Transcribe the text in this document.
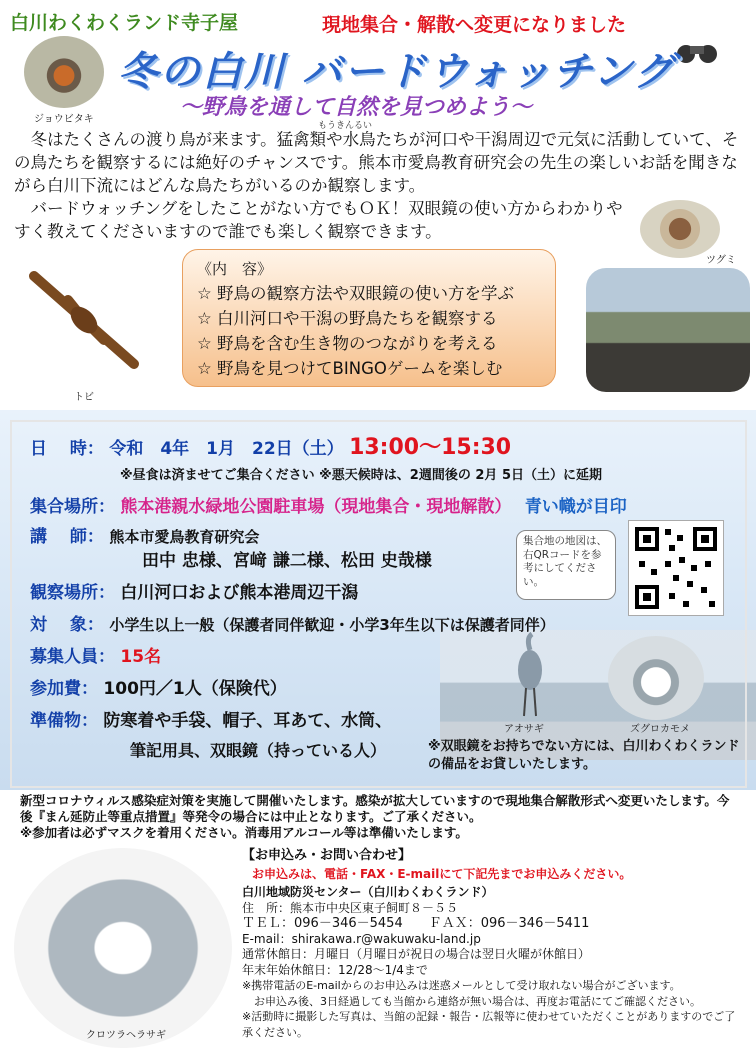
白川わくわくランド寺子屋	現地集合・解散へ変更になりました
ジョウビタキ
冬の白川 バードウォッチング
～野鳥を通して自然を見つめよう～
もうきんるい

冬はたくさんの渡り鳥が来ます。猛禽類や水鳥たちが河口や干潟周辺で元気に活動していて、その鳥たちを観察するには絶好のチャンスです。熊本市愛鳥教育研究会の先生の楽しいお話を聞きながら白川下流にはどんな鳥たちがいるのか観察します。

バードウォッチングをしたことがない方でもＯＫ！双眼鏡の使い方からわかりやすく教えてくださいますので誰でも楽しく観察できます。

ツグミ
トビ
《内　容》
☆ 野鳥の観察方法や双眼鏡の使い方を学ぶ
☆ 白川河口や干潟の野鳥たちを観察する
☆ 野鳥を含む生き物のつながりを考える
☆ 野鳥を見つけてBINGOゲームを楽しむ
日　 時： 令和　4年　1月　22日（土） 13:00～15:30
※昼食は済ませてご集合ください ※悪天候時は、2週間後の 2月 5日（土）に延期
集合場所： 熊本港親水緑地公園駐車場（現地集合・現地解散） 青い幟が目印
講　 師： 熊本市愛鳥教育研究会
田中 忠様、宮﨑 謙二様、松田 史哉様
観察場所： 白川河口および熊本港周辺干潟
対　 象： 小学生以上一般（保護者同伴歓迎・小学3年生以下は保護者同伴）
募集人員： 15名
参加費： 100円／1人（保険代）
準備物： 防寒着や手袋、帽子、耳あて、水筒、
筆記用具、双眼鏡（持っている人）	※双眼鏡をお持ちでない方には、白川わくわくランドの備品をお貸しいたします。
アオサギ	ズグロカモメ
集合地の地図は、右QRコードを参考にしてください。
新型コロナウィルス感染症対策を実施して開催いたします。感染が拡大していますので現地集合解散形式へ変更いたします。今後『まん延防止等重点措置』等発令の場合には中止となります。ご了承ください。
※参加者は必ずマスクを着用ください。消毒用アルコール等は準備いたします。
クロツラヘラサギ
【お申込み・お問い合わせ】
お申込みは、電話・FAX・E-mailにて下記先までお申込みください。
白川地域防災センター（白川わくわくランド）
住　所：熊本市中央区東子飼町８－５５
ＴＥＬ：096－346－5454　　ＦＡＸ：096－346－5411
E-mail：shirakawa.r@wakuwaku-land.jp
通常休館日：月曜日（月曜日が祝日の場合は翌日火曜が休館日）
年末年始休館日：12/28～1/4まで
※携帯電話のE-mailからのお申込みは迷惑メールとして受け取れない場合がございます。
お申込み後、3日経過しても当館から連絡が無い場合は、再度お電話にてご確認ください。
※活動時に撮影した写真は、当館の記録・報告・広報等に使わせていただくことがありますのでご了承ください。
